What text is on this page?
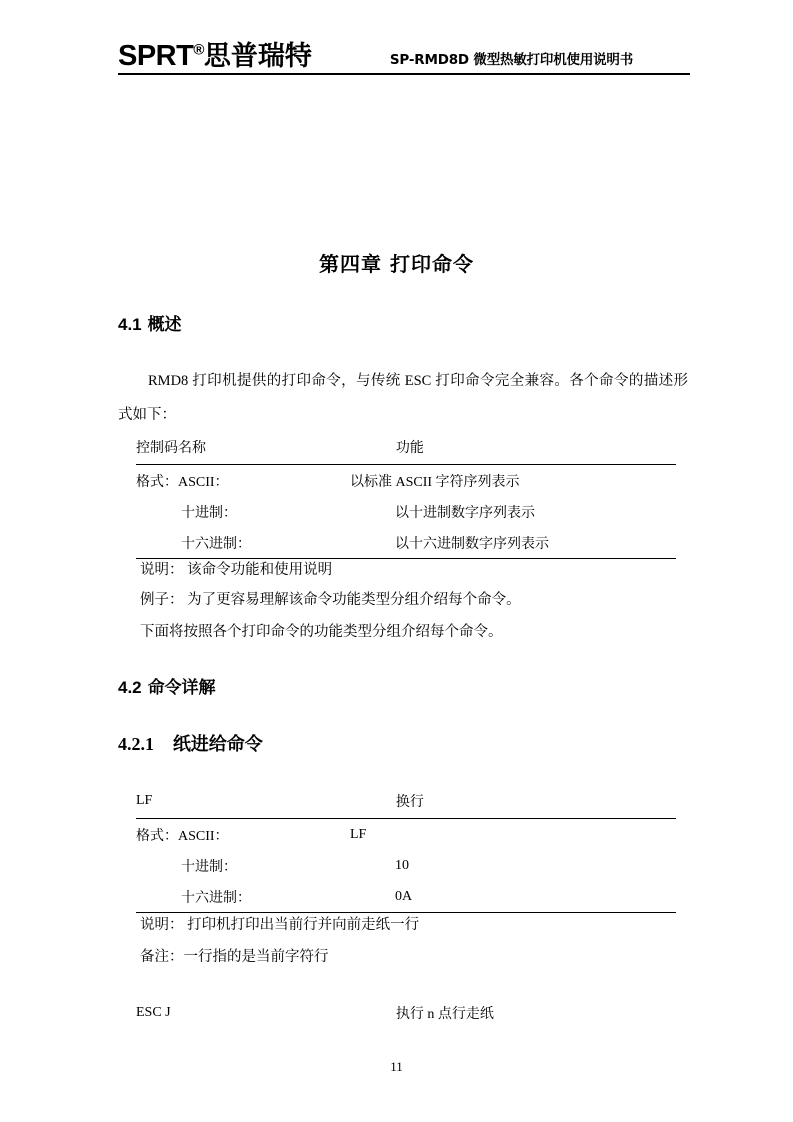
SPRT®思普瑞特	SP-RMD8D 微型热敏打印机使用说明书
第四章 打印命令
4.1 概述
RMD8 打印机提供的打印命令，与传统 ESC 打印命令完全兼容。各个命令的描述形式如下：
控制码名称	功能
格式：ASCII：	以标准 ASCII 字符序列表示
十进制：	以十进制数字序列表示
十六进制：	以十六进制数字序列表示
说明： 该命令功能和使用说明
例子： 为了更容易理解该命令功能类型分组介绍每个命令。
下面将按照各个打印命令的功能类型分组介绍每个命令。
4.2 命令详解
4.2.1 纸进给命令
LF	换行
格式：ASCII：	LF
十进制：	10
十六进制：	0A
说明： 打印机打印出当前行并向前走纸一行
备注：一行指的是当前字符行
ESC J	执行 n 点行走纸
11
